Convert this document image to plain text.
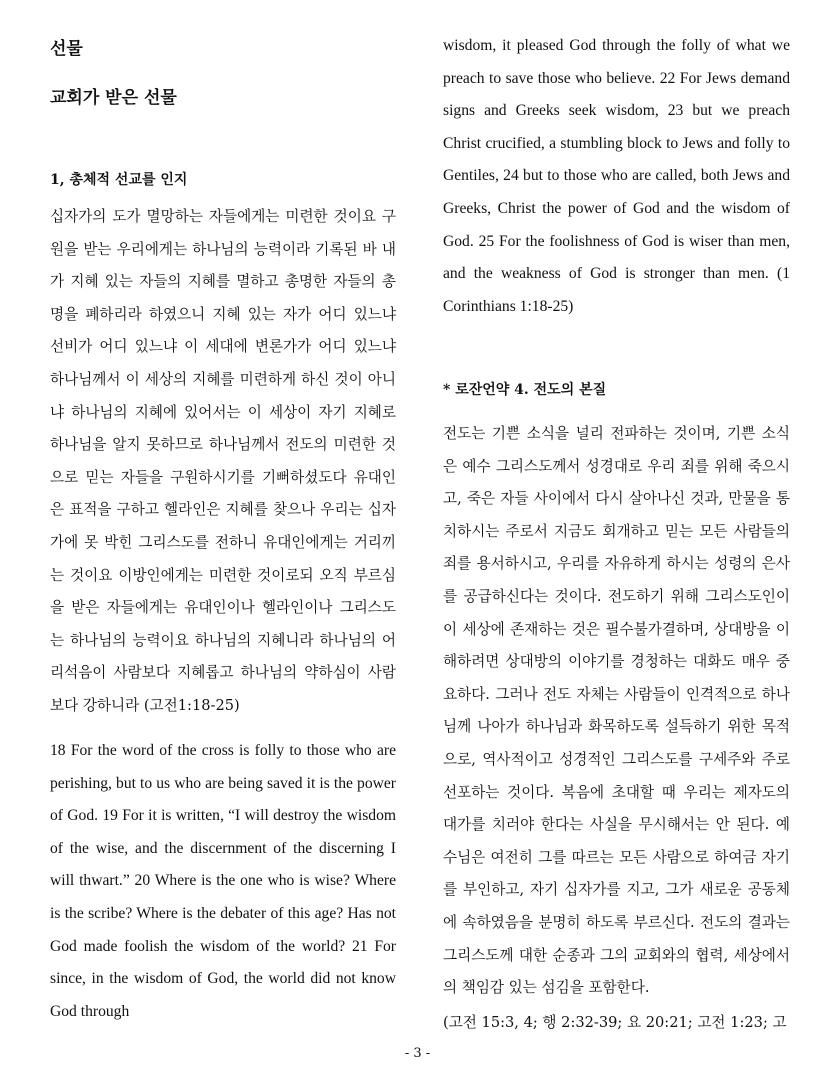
선물
교회가 받은 선물
1, 총체적 선교를 인지

십자가의 도가 멸망하는 자들에게는 미련한 것이요 구원을 받는 우리에게는 하나님의 능력이라 기록된 바 내가 지혜 있는 자들의 지혜를 멸하고 총명한 자들의 총명을 폐하리라 하였으니 지혜 있는 자가 어디 있느냐 선비가 어디 있느냐 이 세대에 변론가가 어디 있느냐 하나님께서 이 세상의 지혜를 미련하게 하신 것이 아니냐 하나님의 지혜에 있어서는 이 세상이 자기 지혜로 하나님을 알지 못하므로 하나님께서 전도의 미련한 것으로 믿는 자들을 구원하시기를 기뻐하셨도다 유대인은 표적을 구하고 헬라인은 지혜를 찾으나 우리는 십자가에 못 박힌 그리스도를 전하니 유대인에게는 거리끼는 것이요 이방인에게는 미련한 것이로되 오직 부르심을 받은 자들에게는 유대인이나 헬라인이나 그리스도는 하나님의 능력이요 하나님의 지혜니라 하나님의 어리석음이 사람보다 지혜롭고 하나님의 약하심이 사람보다 강하니라 (고전1:18-25)

18 For the word of the cross is folly to those who are perishing, but to us who are being saved it is the power of God. 19 For it is written, “I will destroy the wisdom of the wise, and the discernment of the discerning I will thwart.” 20 Where is the one who is wise? Where is the scribe? Where is the debater of this age? Has not God made foolish the wisdom of the world? 21 For since, in the wisdom of God, the world did not know God through

wisdom, it pleased God through the folly of what we preach to save those who believe. 22 For Jews demand signs and Greeks seek wisdom, 23 but we preach Christ crucified, a stumbling block to Jews and folly to Gentiles, 24 but to those who are called, both Jews and Greeks, Christ the power of God and the wisdom of God. 25 For the foolishness of God is wiser than men, and the weakness of God is stronger than men. (1 Corinthians 1:18-25)

* 로잔언약 4. 전도의 본질

전도는 기쁜 소식을 널리 전파하는 것이며, 기쁜 소식은 예수 그리스도께서 성경대로 우리 죄를 위해 죽으시고, 죽은 자들 사이에서 다시 살아나신 것과, 만물을 통치하시는 주로서 지금도 회개하고 믿는 모든 사람들의 죄를 용서하시고, 우리를 자유하게 하시는 성령의 은사를 공급하신다는 것이다. 전도하기 위해 그리스도인이 이 세상에 존재하는 것은 필수불가결하며, 상대방을 이해하려면 상대방의 이야기를 경청하는 대화도 매우 중요하다. 그러나 전도 자체는 사람들이 인격적으로 하나님께 나아가 하나님과 화목하도록 설득하기 위한 목적으로, 역사적이고 성경적인 그리스도를 구세주와 주로 선포하는 것이다. 복음에 초대할 때 우리는 제자도의 대가를 치러야 한다는 사실을 무시해서는 안 된다. 예수님은 여전히 그를 따르는 모든 사람으로 하여금 자기를 부인하고, 자기 십자가를 지고, 그가 새로운 공동체에 속하였음을 분명히 하도록 부르신다. 전도의 결과는 그리스도께 대한 순종과 그의 교회와의 협력, 세상에서의 책임감 있는 섬김을 포함한다.

(고전 15:3, 4; 행 2:32-39; 요 20:21; 고전 1:23; 고

- 3 -
